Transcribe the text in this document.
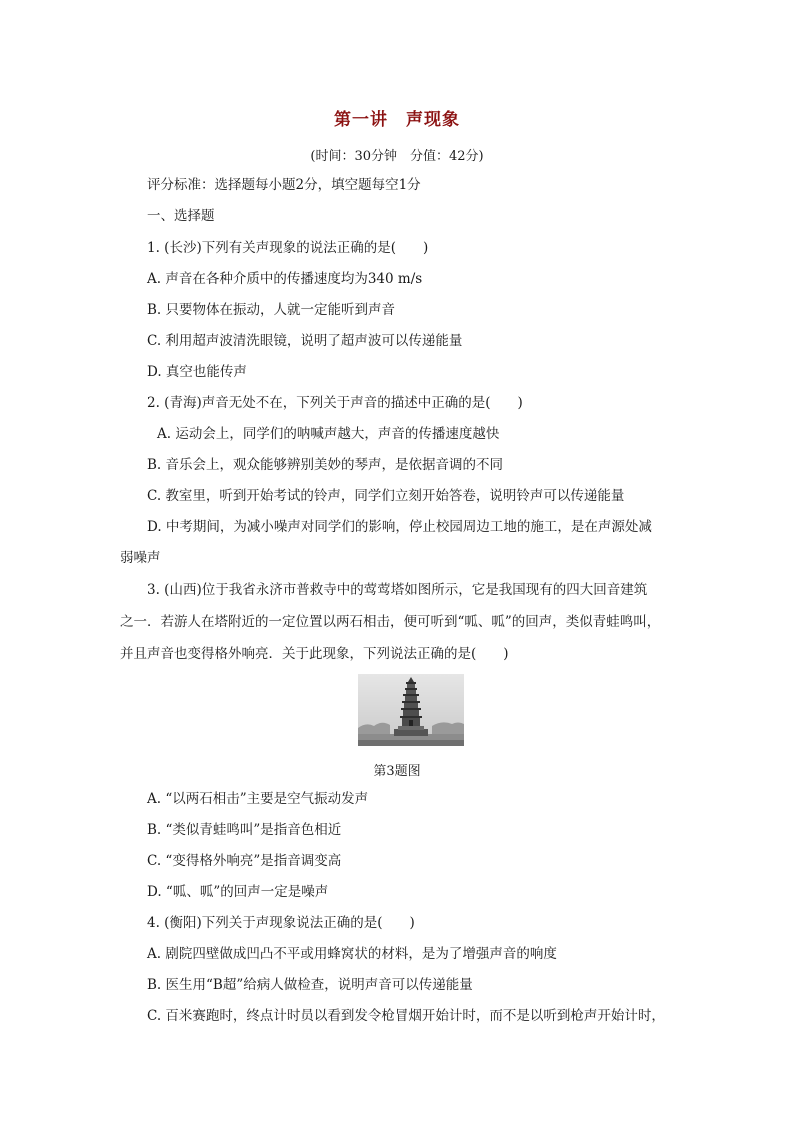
第一讲　声现象
(时间：30分钟　分值：42分)
评分标准：选择题每小题2分，填空题每空1分
一、选择题
1. (长沙)下列有关声现象的说法正确的是(　　)
A. 声音在各种介质中的传播速度均为340 m/s
B. 只要物体在振动，人就一定能听到声音
C. 利用超声波清洗眼镜，说明了超声波可以传递能量
D. 真空也能传声
2. (青海)声音无处不在，下列关于声音的描述中正确的是(　　)
A. 运动会上，同学们的呐喊声越大，声音的传播速度越快
B. 音乐会上，观众能够辨别美妙的琴声，是依据音调的不同
C. 教室里，听到开始考试的铃声，同学们立刻开始答卷，说明铃声可以传递能量
D. 中考期间，为减小噪声对同学们的影响，停止校园周边工地的施工，是在声源处减
弱噪声
3. (山西)位于我省永济市普救寺中的莺莺塔如图所示，它是我国现有的四大回音建筑
之一．若游人在塔附近的一定位置以两石相击，便可听到“呱、呱”的回声，类似青蛙鸣叫，
并且声音也变得格外响亮．关于此现象，下列说法正确的是(　　)
第3题图
A. “以两石相击”主要是空气振动发声
B. “类似青蛙鸣叫”是指音色相近
C. “变得格外响亮”是指音调变高
D. “呱、呱”的回声一定是噪声
4. (衡阳)下列关于声现象说法正确的是(　　)
A. 剧院四壁做成凹凸不平或用蜂窝状的材料，是为了增强声音的响度
B. 医生用“B超”给病人做检查，说明声音可以传递能量
C. 百米赛跑时，终点计时员以看到发令枪冒烟开始计时，而不是以听到枪声开始计时，
